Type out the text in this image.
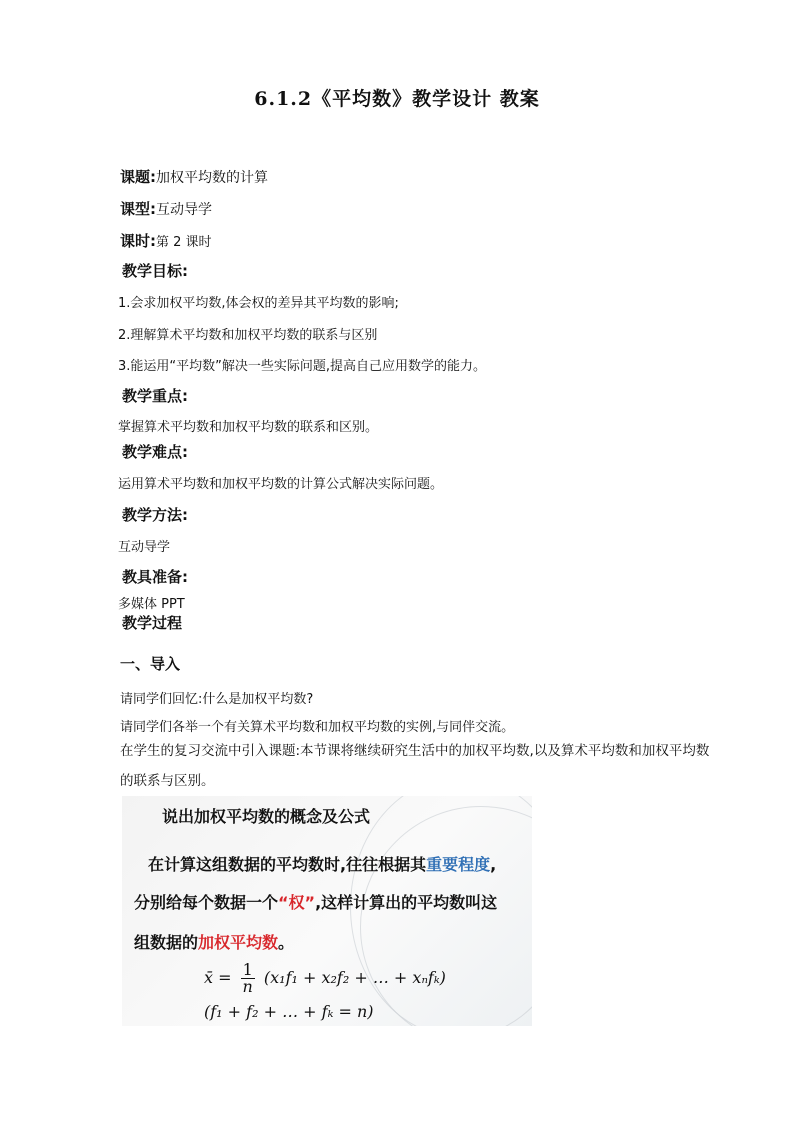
6.1.2《平均数》教学设计 教案
课题:加权平均数的计算
课型:互动导学
课时:第 2 课时
教学目标:
1.会求加权平均数,体会权的差异其平均数的影响;
2.理解算术平均数和加权平均数的联系与区别
3.能运用“平均数”解决一些实际问题,提高自己应用数学的能力。
教学重点:
掌握算术平均数和加权平均数的联系和区别。
教学难点:
运用算术平均数和加权平均数的计算公式解决实际问题。
教学方法:
互动导学
教具准备:
多媒体 PPT
教学过程
一、导入
请同学们回忆:什么是加权平均数?
请同学们各举一个有关算术平均数和加权平均数的实例,与同伴交流。
在学生的复习交流中引入课题:本节课将继续研究生活中的加权平均数,以及算术平均数和加权平均数的联系与区别。
说出加权平均数的概念及公式
在计算这组数据的平均数时,往往根据其重要程度,
分别给每个数据一个“权”,这样计算出的平均数叫这
组数据的加权平均数。
x̄ = $\frac{1}{n} (x_1f_1 + x_2f_2$ + … + xₙfₖ)
(f₁ + f₂ + … + fₖ = n)
